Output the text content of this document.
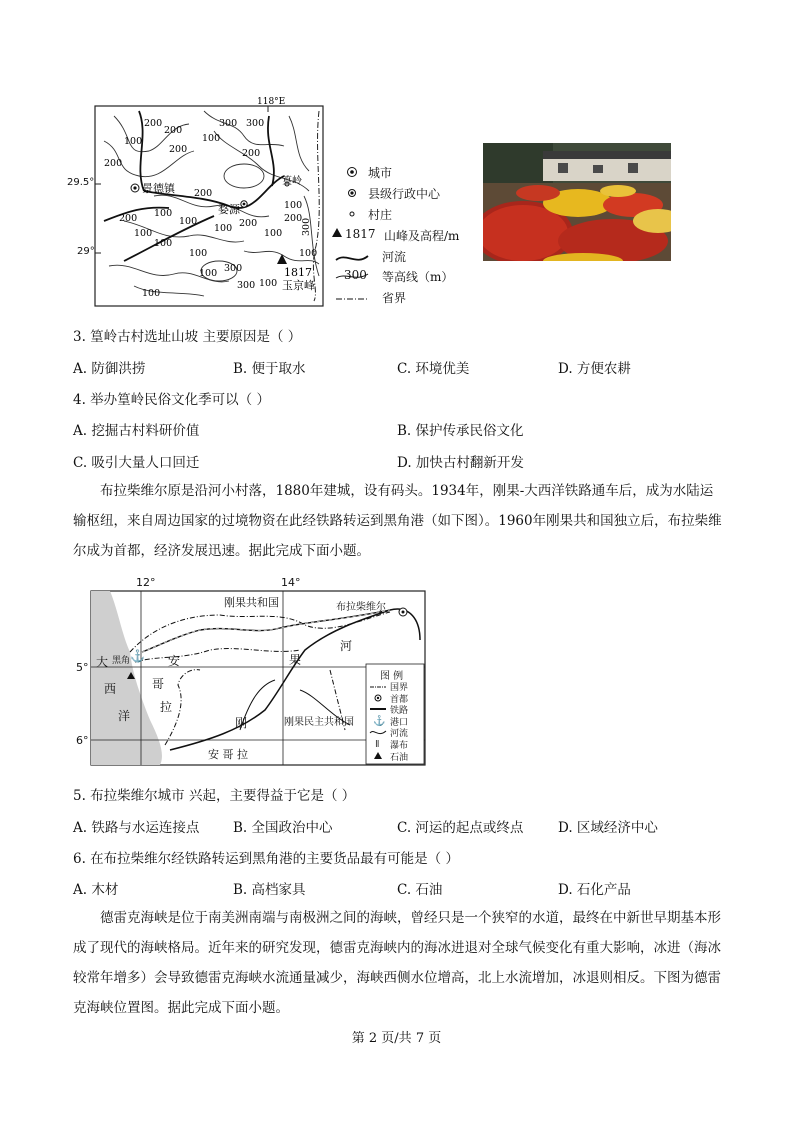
118°E
景德镇
婺源
篁岭
1817
玉京峰
200
200
200
300
100
300
100
200
200
200 100
100
200
100
100 200
100
100
200
100
100
300
100
300
100
100
300
100
29.5°
29°
城市
县级行政中心
村庄
1817 山峰及高程/m
河流
300 等高线（m）
省界
3. 篁岭古村选址山坡 主要原因是（ ）
A. 防御洪捞	B. 便于取水	C. 环境优美	D. 方便农耕
4. 举办篁岭民俗文化季可以（ ）
A. 挖掘古村料研价值	B. 保护传承民俗文化
C. 吸引大量人口回迁	D. 加快古村翻新开发
布拉柴维尔原是沿河小村落，1880年建城，设有码头。1934年，刚果-大西洋铁路通车后，成为水陆运输枢纽，来自周边国家的过境物资在此经铁路转运到黑角港（如下图）。1960年刚果共和国独立后，布拉柴维尔成为首都，经济发展迅速。据此完成下面小题。
12°	14°
5°
6°
⚓
⚓
ǁ
刚果共和国	布拉柴维尔
黑角
大
西
洋
安
哥
拉
果
河
刚	刚果民主共和国
安 哥 拉
图 例
国界
首都
铁路
港口
河流
瀑布
石油
5. 布拉柴维尔城市 兴起，主要得益于它是（ ）
A. 铁路与水运连接点 B. 全国政治中心	C. 河运的起点或终点	D. 区域经济中心
6. 在布拉柴维尔经铁路转运到黑角港的主要货品最有可能是（ ）
A. 木材	B. 高档家具	C. 石油	D. 石化产品
德雷克海峡是位于南美洲南端与南极洲之间的海峡，曾经只是一个狭窄的水道，最终在中新世早期基本形成了现代的海峡格局。近年来的研究发现，德雷克海峡内的海冰进退对全球气候变化有重大影响，冰进（海冰较常年增多）会导致德雷克海峡水流通量减少，海峡西侧水位增高，北上水流增加，冰退则相反。下图为德雷克海峡位置图。据此完成下面小题。
第 2 页/共 7 页
